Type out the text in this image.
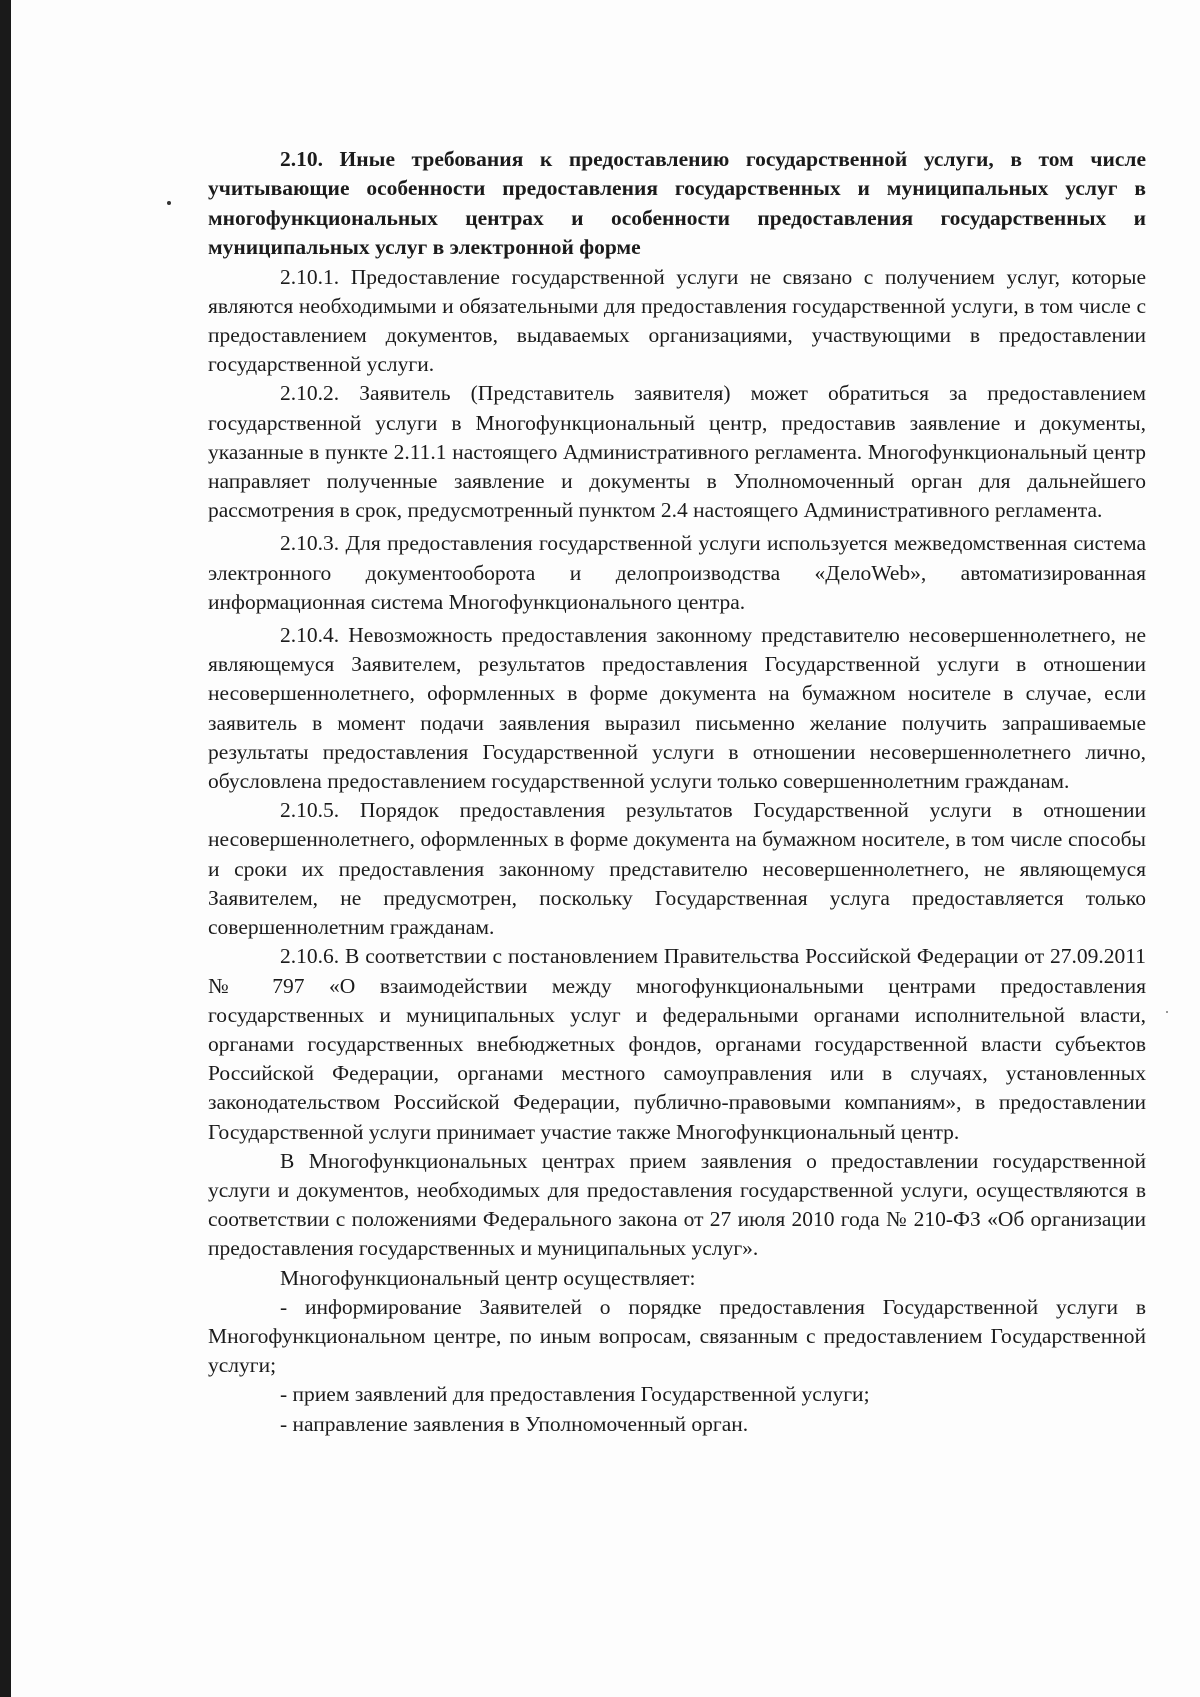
2.10. Иные требования к предоставлению государственной услуги, в том числе учитывающие особенности предоставления государственных и муниципальных услуг в многофункциональных центрах и особенности предоставления государственных и муниципальных услуг в электронной форме

2.10.1. Предоставление государственной услуги не связано с получением услуг, которые являются необходимыми и обязательными для предоставления государственной услуги, в том числе с предоставлением документов, выдаваемых организациями, участвующими в предоставлении государственной услуги.

2.10.2. Заявитель (Представитель заявителя) может обратиться за предоставлением государственной услуги в Многофункциональный центр, предоставив заявление и документы, указанные в пункте 2.11.1 настоящего Административного регламента. Многофункциональный центр направляет полученные заявление и документы в Уполномоченный орган для дальнейшего рассмотрения в срок, предусмотренный пунктом 2.4 настоящего Административного регламента.

2.10.3. Для предоставления государственной услуги используется межведомственная система электронного документооборота и делопроизводства «ДелоWeb», автоматизированная информационная система Многофункционального центра.

2.10.4. Невозможность предоставления законному представителю несовершеннолетнего, не являющемуся Заявителем, результатов предоставления Государственной услуги в отношении несовершеннолетнего, оформленных в форме документа на бумажном носителе в случае, если заявитель в момент подачи заявления выразил письменно желание получить запрашиваемые результаты предоставления Государственной услуги в отношении несовершеннолетнего лично, обусловлена предоставлением государственной услуги только совершеннолетним гражданам.

2.10.5. Порядок предоставления результатов Государственной услуги в отношении несовершеннолетнего, оформленных в форме документа на бумажном носителе, в том числе способы и сроки их предоставления законному представителю несовершеннолетнего, не являющемуся Заявителем, не предусмотрен, поскольку Государственная услуга предоставляется только совершеннолетним гражданам.

2.10.6. В соответствии с постановлением Правительства Российской Федерации от 27.09.2011 № 797 «О взаимодействии между многофункциональными центрами предоставления государственных и муниципальных услуг и федеральными органами исполнительной власти, органами государственных внебюджетных фондов, органами государственной власти субъектов Российской Федерации, органами местного самоуправления или в случаях, установленных законодательством Российской Федерации, публично-правовыми компаниям», в предоставлении Государственной услуги принимает участие также Многофункциональный центр.

В Многофункциональных центрах прием заявления о предоставлении государственной услуги и документов, необходимых для предоставления государственной услуги, осуществляются в соответствии с положениями Федерального закона от 27 июля 2010 года № 210-ФЗ «Об организации предоставления государственных и муниципальных услуг».

Многофункциональный центр осуществляет:

- информирование Заявителей о порядке предоставления Государственной услуги в Многофункциональном центре, по иным вопросам, связанным с предоставлением Государственной услуги;

- прием заявлений для предоставления Государственной услуги;

- направление заявления в Уполномоченный орган.
